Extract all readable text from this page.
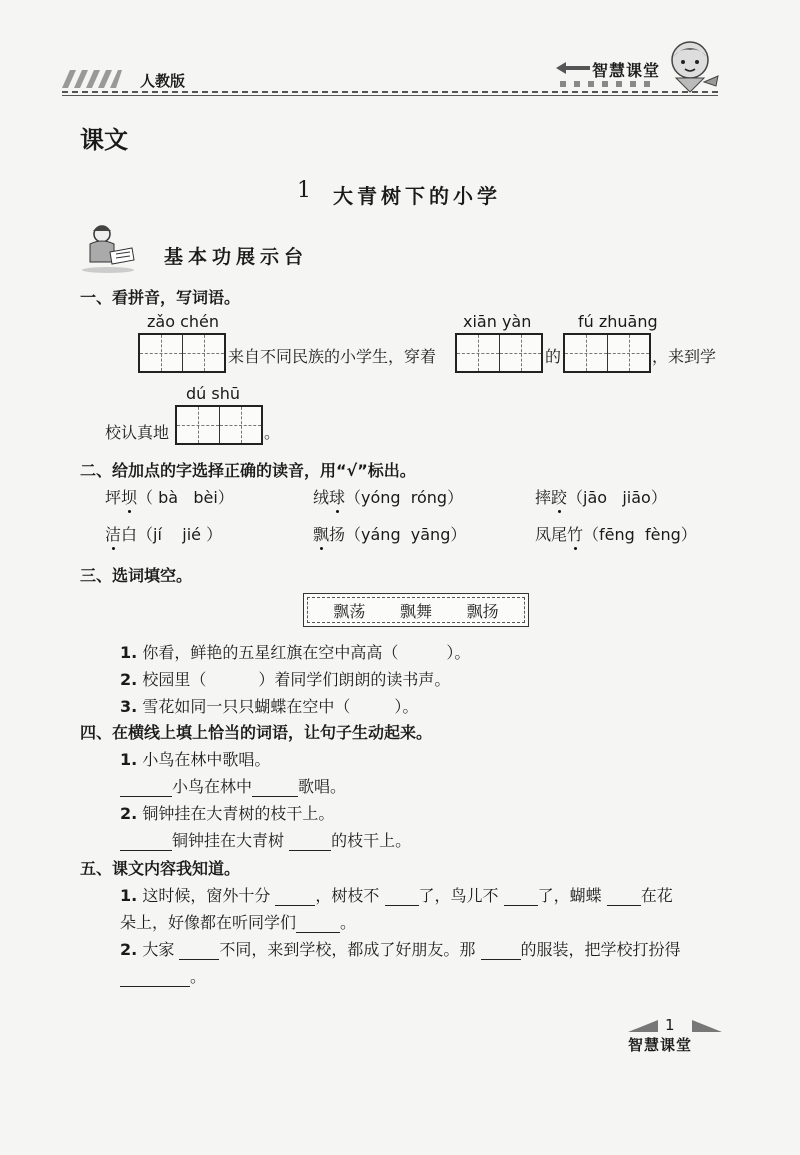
人教版
智慧课堂
课文
1 大青树下的小学
基本功展示台
一、看拼音，写词语。
zǎo chén	xiān yàn	fú zhuāng
来自不同民族的小学生，穿着	的	，来到学
dú shū
校认真地	。
二、给加点的字选择正确的读音，用“√”标出。
坪坝（ bà   bèi）	绒球（yóng  róng）	摔跤（jāo   jiāo）
洁白（jí    jié ）	飘扬（yáng  yāng）	凤尾竹（fēng  fèng）
三、选词填空。
飘荡 飘舞 飘扬
1. 你看，鲜艳的五星红旗在空中高高（	）。
2. 校园里（	）着同学们朗朗的读书声。
3. 雪花如同一只只蝴蝶在空中（	）。
四、在横线上填上恰当的词语，让句子生动起来。
1. 小鸟在林中歌唱。
小鸟在林中	歌唱。
2. 铜钟挂在大青树的枝干上。
铜钟挂在大青树	的枝干上。
五、课文内容我知道。
1. 这时候，窗外十分	，树枝不 了，鸟儿不 了，蝴蝶 在花
朵上，好像都在听同学们	。
2. 大家	不同，来到学校，都成了好朋友。那	的服装，把学校打扮得
。
1
智慧课堂
